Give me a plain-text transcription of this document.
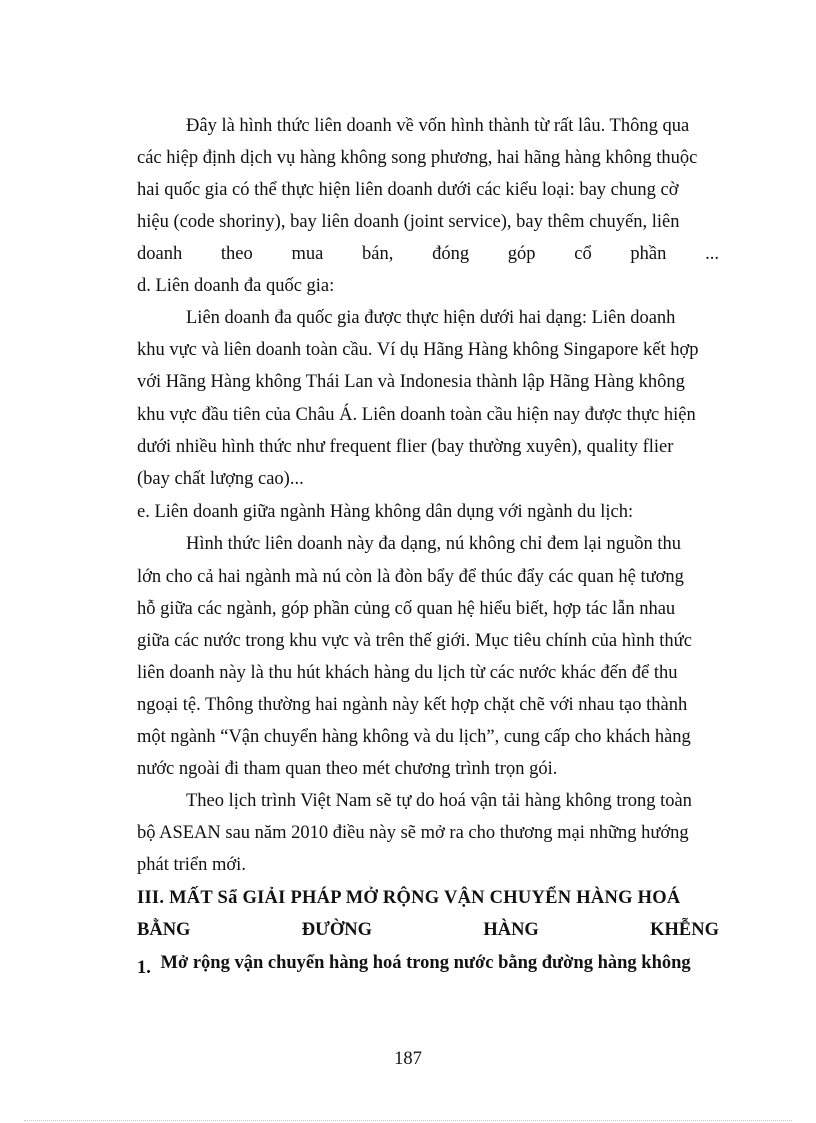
Đây là hình thức liên doanh về vốn hình thành từ rất lâu. Thông qua
các hiệp định dịch vụ hàng không song phương, hai hãng hàng không thuộc
hai quốc gia có thể thực hiện liên doanh dưới các kiểu loại: bay chung cờ
hiệu (code shoriny), bay liên doanh (joint service), bay thêm chuyến, liên
doanh theo mua bán, đóng góp cổ phần ...
d. Liên doanh đa quốc gia:
Liên doanh đa quốc gia được thực hiện dưới hai dạng: Liên doanh
khu vực và liên doanh toàn cầu. Ví dụ Hãng Hàng không Singapore kết hợp
với Hãng Hàng không Thái Lan và Indonesia thành lập Hãng Hàng không
khu vực đầu tiên của Châu Á. Liên doanh toàn cầu hiện nay được thực hiện
dưới nhiều hình thức như frequent flier (bay thường xuyên), quality flier
(bay chất lượng cao)...
e. Liên doanh giữa ngành Hàng không dân dụng với ngành du lịch:
Hình thức liên doanh này đa dạng, nú không chỉ đem lại nguồn thu
lớn cho cả hai ngành mà nú còn là đòn bẩy để thúc đẩy các quan hệ tương
hỗ giữa các ngành, góp phần củng cố quan hệ hiểu biết, hợp tác lẫn nhau
giữa các nước trong khu vực và trên thế giới. Mục tiêu chính của hình thức
liên doanh này là thu hút khách hàng du lịch từ các nước khác đến để thu
ngoại tệ. Thông thường hai ngành này kết hợp chặt chẽ với nhau tạo thành
một ngành “Vận chuyển hàng không và du lịch”, cung cấp cho khách hàng
nước ngoài đi tham quan theo mét chương trình trọn gói.
Theo lịch trình Việt Nam sẽ tự do hoá vận tải hàng không trong toàn
bộ ASEAN sau năm 2010 điều này sẽ mở ra cho thương mại những hướng
phát triển mới.
III. MẤT Sẩ GIẢI PHÁP MỞ RỘNG VẬN CHUYỂN HÀNG HOÁ
BẰNG	ĐƯỜNG	HÀNG	KHỄNG
1. Mở rộng vận chuyển hàng hoá trong nước bằng đường hàng không
187
